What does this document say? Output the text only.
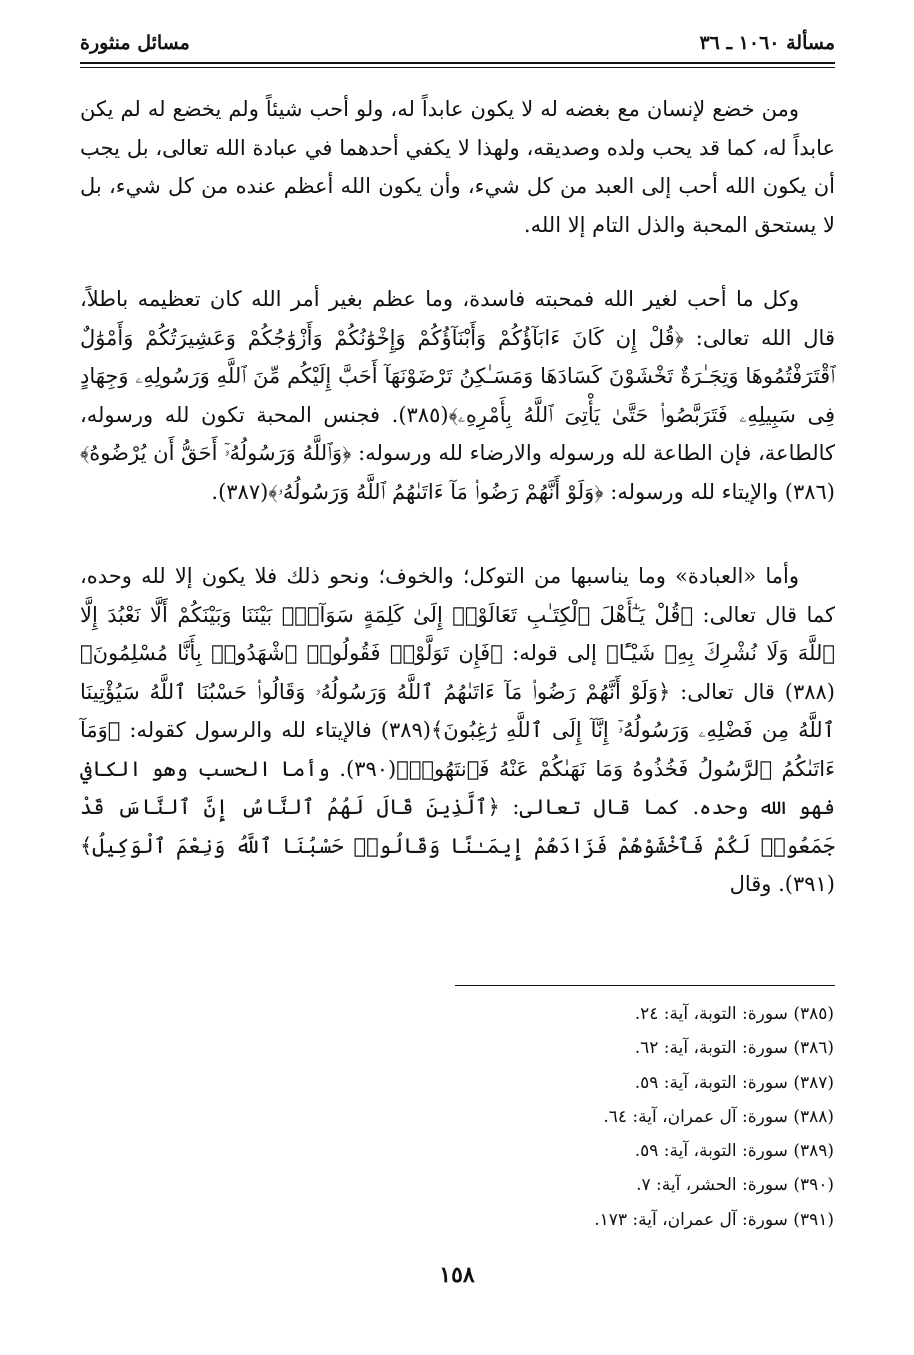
مسألة ١٠٦٠ ـ ٣٦
مسائل منثورة

ومن خضع لإنسان مع بغضه له لا يكون عابداً له، ولو أحب شيئاً ولم يخضع له لم يكن عابداً له، كما قد يحب ولده وصديقه، ولهذا لا يكفي أحدهما في عبادة الله تعالى، بل يجب أن يكون الله أحب إلى العبد من كل شيء، وأن يكون الله أعظم عنده من كل شيء، بل لا يستحق المحبة والذل التام إلا الله.

وكل ما أحب لغير الله فمحبته فاسدة، وما عظم بغير أمر الله كان تعظيمه باطلاً، قال الله تعالى: ﴿قُلْ إِن كَانَ ءَابَآؤُكُمْ وَأَبْنَآؤُكُمْ وَإِخْوَٰنُكُمْ وَأَزْوَٰجُكُمْ وَعَشِيرَتُكُمْ وَأَمْوَٰلٌ ٱقْتَرَفْتُمُوهَا وَتِجَـٰرَةٌ تَخْشَوْنَ كَسَادَهَا وَمَسَـٰكِنُ تَرْضَوْنَهَآ أَحَبَّ إِلَيْكُم مِّنَ ٱللَّهِ وَرَسُولِهِۦ وَجِهَادٍ فِى سَبِيلِهِۦ فَتَرَبَّصُوا۟ حَتَّىٰ يَأْتِىَ ٱللَّهُ بِأَمْرِهِۦ﴾(٣٨٥). فجنس المحبة تكون لله ورسوله، كالطاعة، فإن الطاعة لله ورسوله والارضاء لله ورسوله: ﴿وَٱللَّهُ وَرَسُولُهُۥٓ أَحَقُّ أَن يُرْضُوهُ﴾(٣٨٦) والإيتاء لله ورسوله: ﴿وَلَوْ أَنَّهُمْ رَضُوا۟ مَآ ءَاتَىٰهُمُ ٱللَّهُ وَرَسُولُهُۥ﴾(٣٨٧).

وأما «العبادة» وما يناسبها من التوكل؛ والخوف؛ ونحو ذلك فلا يكون إلا لله وحده، كما قال تعالى: ﴿قُلْ يَـٰٓأَهْلَ ٱلْكِتَـٰبِ تَعَالَوْا۟ إِلَىٰ كَلِمَةٍ سَوَآءٍۭ بَيْنَنَا وَبَيْنَكُمْ أَلَّا نَعْبُدَ إِلَّا ٱللَّهَ وَلَا نُشْرِكَ بِهِۦ شَيْـًٔا﴾ إلى قوله: ﴿فَإِن تَوَلَّوْا۟ فَقُولُوا۟ ٱشْهَدُوا۟ بِأَنَّا مُسْلِمُونَ﴾(٣٨٨) قال تعالى: ﴿وَلَوْ أَنَّهُمْ رَضُوا۟ مَآ ءَاتَىٰهُمُ ٱللَّهُ وَرَسُولُهُۥ وَقَالُوا۟ حَسْبُنَا ٱللَّهُ سَيُؤْتِينَا ٱللَّهُ مِن فَضْلِهِۦ وَرَسُولُهُۥٓ إِنَّآ إِلَى ٱللَّهِ رَٰغِبُونَ﴾(٣٨٩) فالإيتاء لله والرسول كقوله: ﴿وَمَآ ءَاتَىٰكُمُ ٱلرَّسُولُ فَخُذُوهُ وَمَا نَهَىٰكُمْ عَنْهُ فَٱنتَهُوا۟﴾(٣٩٠). وأما الحسب وهو الكافي فهو الله وحده. كما قال تعالى: ﴿ٱلَّذِينَ قَالَ لَهُمُ ٱلنَّاسُ إِنَّ ٱلنَّاسَ قَدْ جَمَعُوا۟ لَكُمْ فَٱخْشَوْهُمْ فَزَادَهُمْ إِيمَـٰنًا وَقَالُوا۟ حَسْبُنَا ٱللَّهُ وَنِعْمَ ٱلْوَكِيلُ﴾(٣٩١). وقال

(٣٨٥) سورة: التوبة، آية: ٢٤.
(٣٨٦) سورة: التوبة، آية: ٦٢.
(٣٨٧) سورة: التوبة، آية: ٥٩.
(٣٨٨) سورة: آل عمران، آية: ٦٤.
(٣٨٩) سورة: التوبة، آية: ٥٩.
(٣٩٠) سورة: الحشر، آية: ٧.
(٣٩١) سورة: آل عمران، آية: ١٧٣.
١٥٨
